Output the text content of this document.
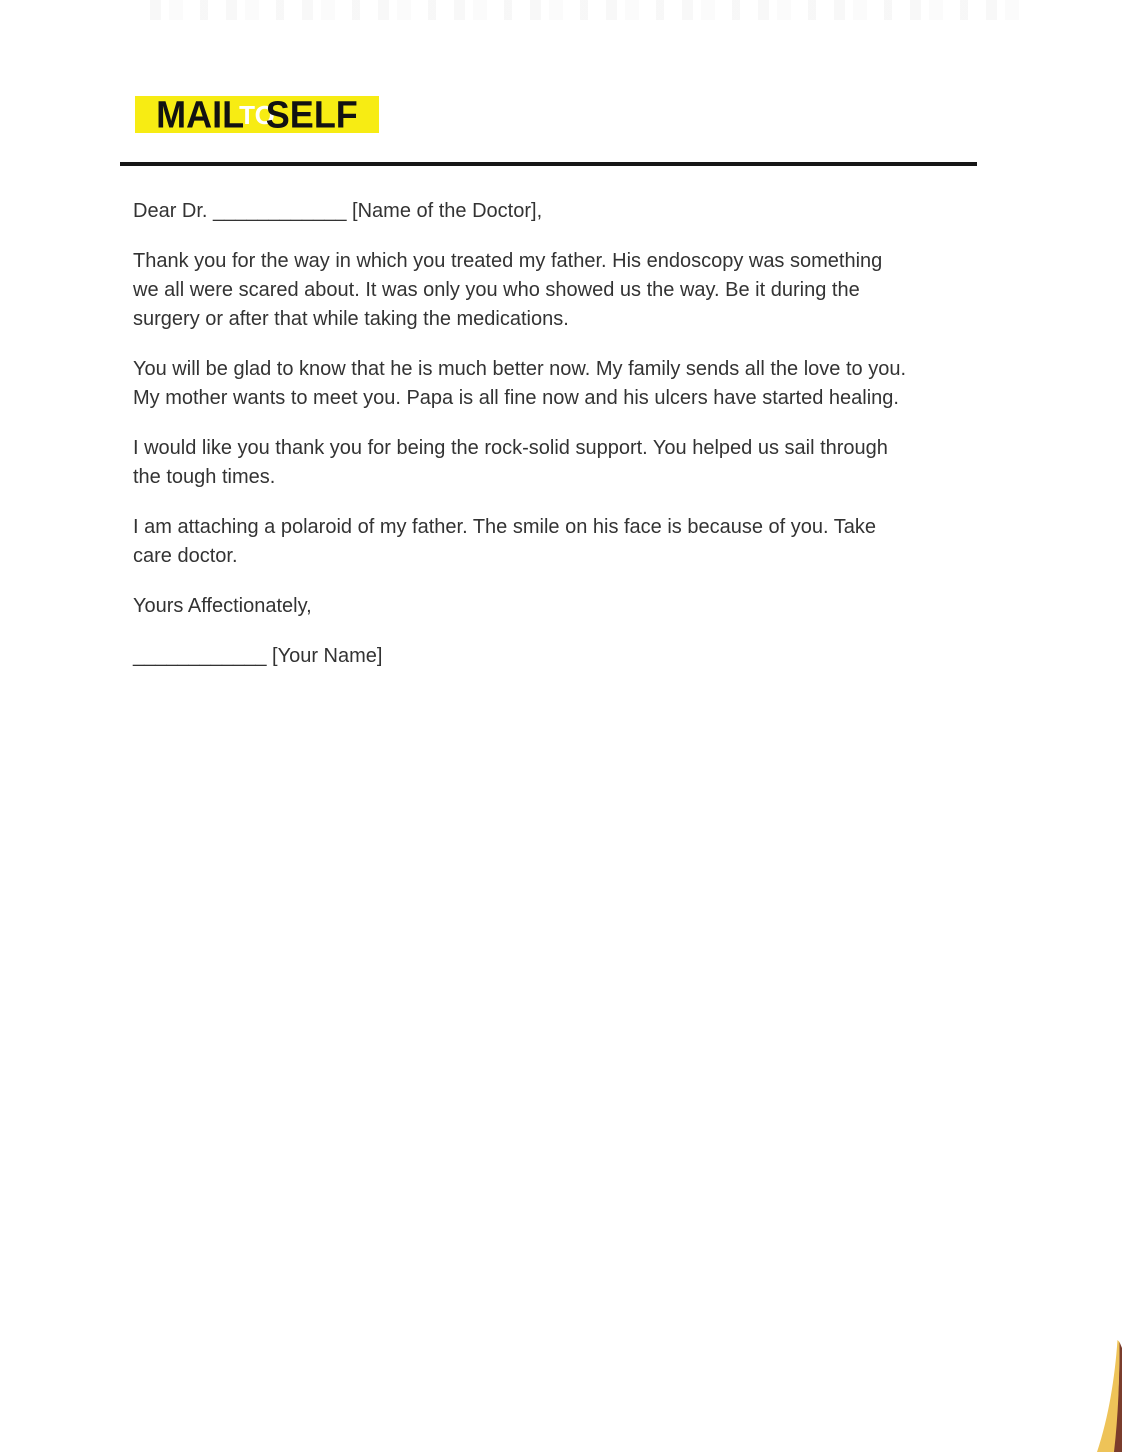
MAIL
TO
SELF
Dear Dr. ____________ [Name of the Doctor],
Thank you for the way in which you treated my father. His endoscopy was something
we all were scared about. It was only you who showed us the way. Be it during the
surgery or after that while taking the medications.
You will be glad to know that he is much better now. My family sends all the love to you.
My mother wants to meet you. Papa is all fine now and his ulcers have started healing.
I would like you thank you for being the rock-solid support. You helped us sail through
the tough times.
I am attaching a polaroid of my father. The smile on his face is because of you. Take
care doctor.
Yours Affectionately,
____________ [Your Name]
